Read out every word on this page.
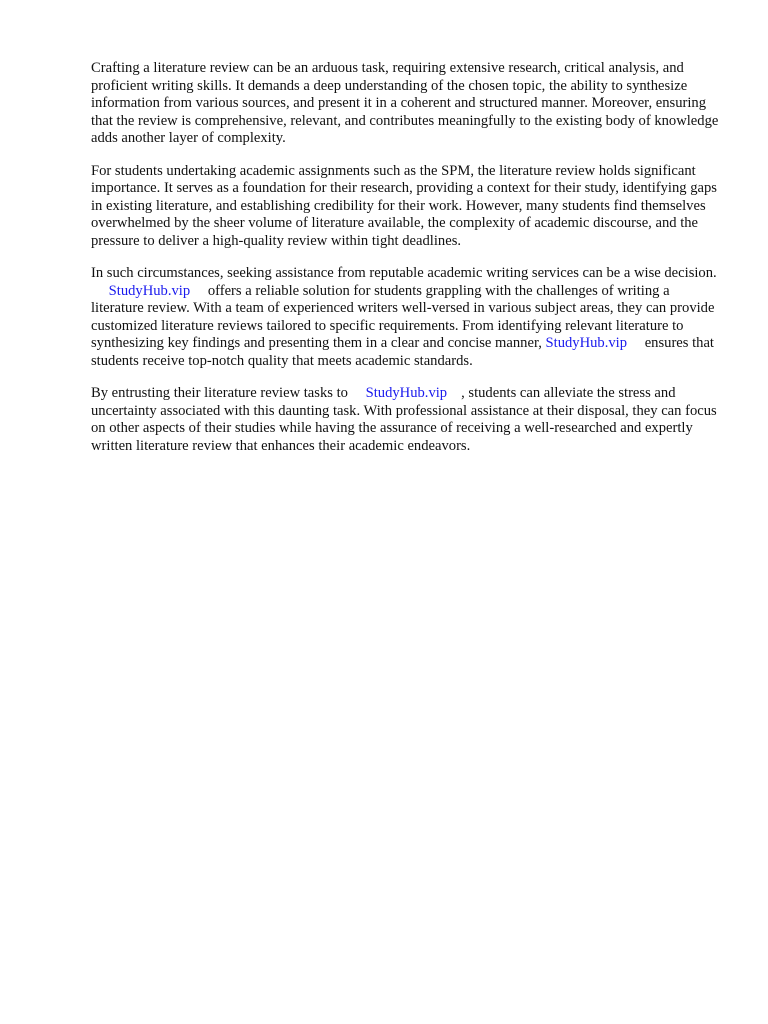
Crafting a literature review can be an arduous task, requiring extensive research, critical analysis, and proficient writing skills. It demands a deep understanding of the chosen topic, the ability to synthesize information from various sources, and present it in a coherent and structured manner. Moreover, ensuring that the review is comprehensive, relevant, and contributes meaningfully to the existing body of knowledge adds another layer of complexity.

For students undertaking academic assignments such as the SPM, the literature review holds significant importance. It serves as a foundation for their research, providing a context for their study, identifying gaps in existing literature, and establishing credibility for their work. However, many students find themselves overwhelmed by the sheer volume of literature available, the complexity of academic discourse, and the pressure to deliver a high-quality review within tight deadlines.

In such circumstances, seeking assistance from reputable academic writing services can be a wise decision. StudyHub.vip offers a reliable solution for students grappling with the challenges of writing a literature review. With a team of experienced writers well-versed in various subject areas, they can provide customized literature reviews tailored to specific requirements. From identifying relevant literature to synthesizing key findings and presenting them in a clear and concise manner, StudyHub.vip ensures that students receive top-notch quality that meets academic standards.

By entrusting their literature review tasks to StudyHub.vip , students can alleviate the stress and uncertainty associated with this daunting task. With professional assistance at their disposal, they can focus on other aspects of their studies while having the assurance of receiving a well-researched and expertly written literature review that enhances their academic endeavors.
